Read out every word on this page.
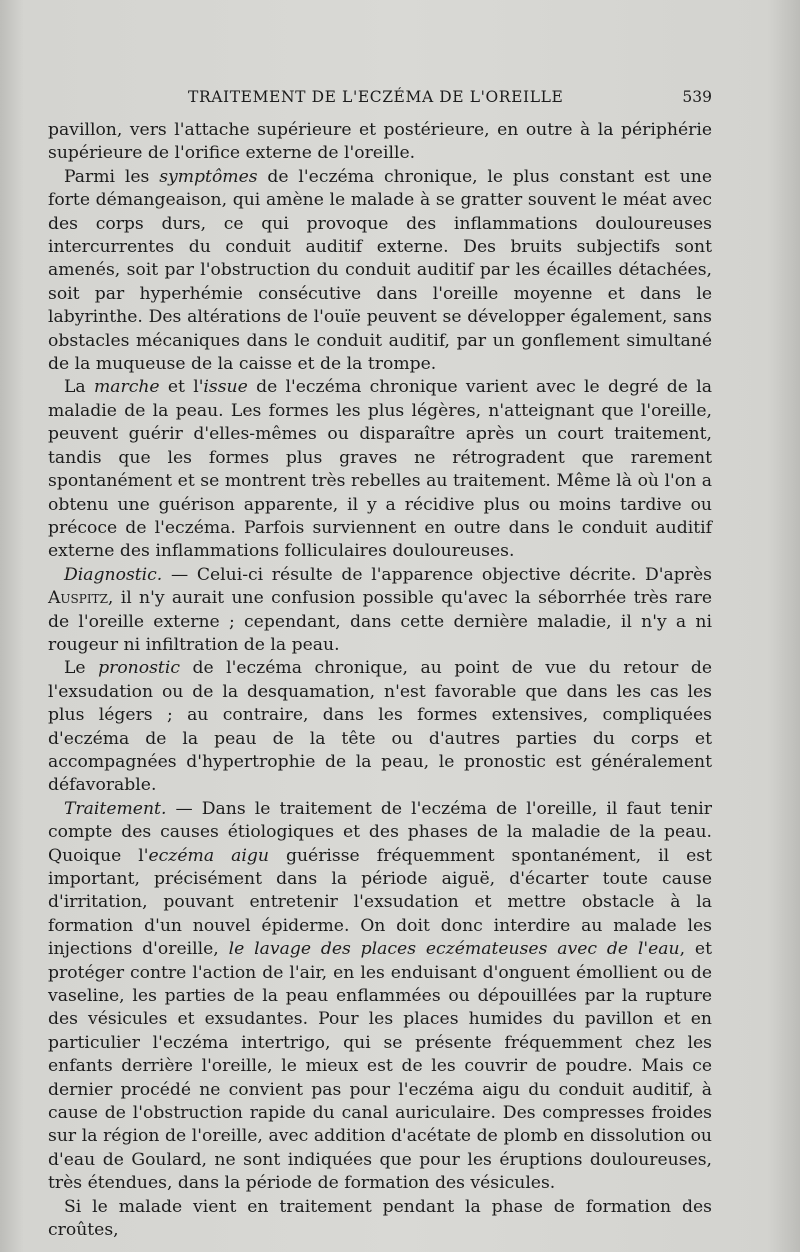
TRAITEMENT DE L'ECZÉMA DE L'OREILLE	539

pavillon, vers l'attache supérieure et postérieure, en outre à la périphérie supérieure de l'orifice externe de l'oreille.

Parmi les symptômes de l'eczéma chronique, le plus constant est une forte démangeaison, qui amène le malade à se gratter souvent le méat avec des corps durs, ce qui provoque des inflammations douloureuses intercurrentes du conduit auditif externe. Des bruits subjectifs sont amenés, soit par l'obstruction du conduit auditif par les écailles détachées, soit par hyperhémie consécutive dans l'oreille moyenne et dans le labyrinthe. Des altérations de l'ouïe peuvent se développer également, sans obstacles mécaniques dans le conduit auditif, par un gonflement simultané de la muqueuse de la caisse et de la trompe.

La marche et l'issue de l'eczéma chronique varient avec le degré de la maladie de la peau. Les formes les plus légères, n'atteignant que l'oreille, peuvent guérir d'elles-mêmes ou disparaître après un court traitement, tandis que les formes plus graves ne rétrogradent que rarement spontanément et se montrent très rebelles au traitement. Même là où l'on a obtenu une guérison apparente, il y a récidive plus ou moins tardive ou précoce de l'eczéma. Parfois surviennent en outre dans le conduit auditif externe des inflammations folliculaires douloureuses.

Diagnostic. — Celui-ci résulte de l'apparence objective décrite. D'après Auspitz, il n'y aurait une confusion possible qu'avec la séborrhée très rare de l'oreille externe ; cependant, dans cette dernière maladie, il n'y a ni rougeur ni infiltration de la peau.

Le pronostic de l'eczéma chronique, au point de vue du retour de l'exsudation ou de la desquamation, n'est favorable que dans les cas les plus légers ; au contraire, dans les formes extensives, compliquées d'eczéma de la peau de la tête ou d'autres parties du corps et accompagnées d'hypertrophie de la peau, le pronostic est généralement défavorable.

Traitement. — Dans le traitement de l'eczéma de l'oreille, il faut tenir compte des causes étiologiques et des phases de la maladie de la peau. Quoique l'eczéma aigu guérisse fréquemment spontanément, il est important, précisément dans la période aiguë, d'écarter toute cause d'irritation, pouvant entretenir l'exsudation et mettre obstacle à la formation d'un nouvel épiderme. On doit donc interdire au malade les injections d'oreille, le lavage des places eczémateuses avec de l'eau, et protéger contre l'action de l'air, en les enduisant d'onguent émollient ou de vaseline, les parties de la peau enflammées ou dépouillées par la rupture des vésicules et exsudantes. Pour les places humides du pavillon et en particulier l'eczéma intertrigo, qui se présente fréquemment chez les enfants derrière l'oreille, le mieux est de les couvrir de poudre. Mais ce dernier procédé ne convient pas pour l'eczéma aigu du conduit auditif, à cause de l'obstruction rapide du canal auriculaire. Des compresses froides sur la région de l'oreille, avec addition d'acétate de plomb en dissolution ou d'eau de Goulard, ne sont indiquées que pour les éruptions douloureuses, très étendues, dans la période de formation des vésicules.

Si le malade vient en traitement pendant la phase de formation des croûtes,
